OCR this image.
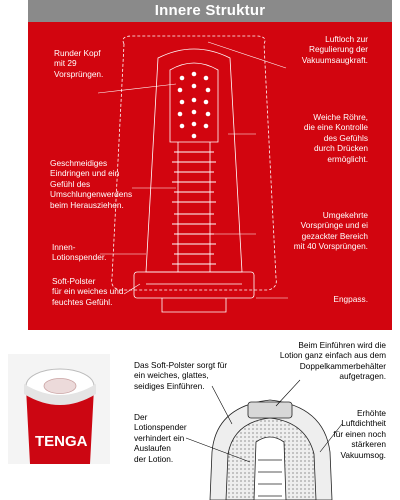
Innere Struktur
Runder Kopf
mit 29
Vorsprüngen.
Luftloch zur
Regulierung der
Vakuumsaugkraft.
Weiche Röhre,
die eine Kontrolle
des Gefühls
durch Drücken
ermöglicht.
Geschmeidiges
Eindringen und ein
Gefühl des
Umschlungenwerdens
beim Herausziehen.
Umgekehrte
Vorsprünge und ei
gezackter Bereich
mit 40 Vorsprüngen.
Innen-
Lotionspender.
Soft-Polster
für ein weiches und
feuchtes Gefühl.	Engpass.
TENGA
Das Soft-Polster sorgt für
ein weiches, glattes,
seidiges Einführen.
Beim Einführen wird die
Lotion ganz einfach aus dem
Doppelkammerbehälter
aufgetragen.
Der
Lotionspender
verhindert ein
Auslaufen
der Lotion.
Erhöhte
Luftdichtheit
für einen noch
stärkeren
Vakuumsog.
